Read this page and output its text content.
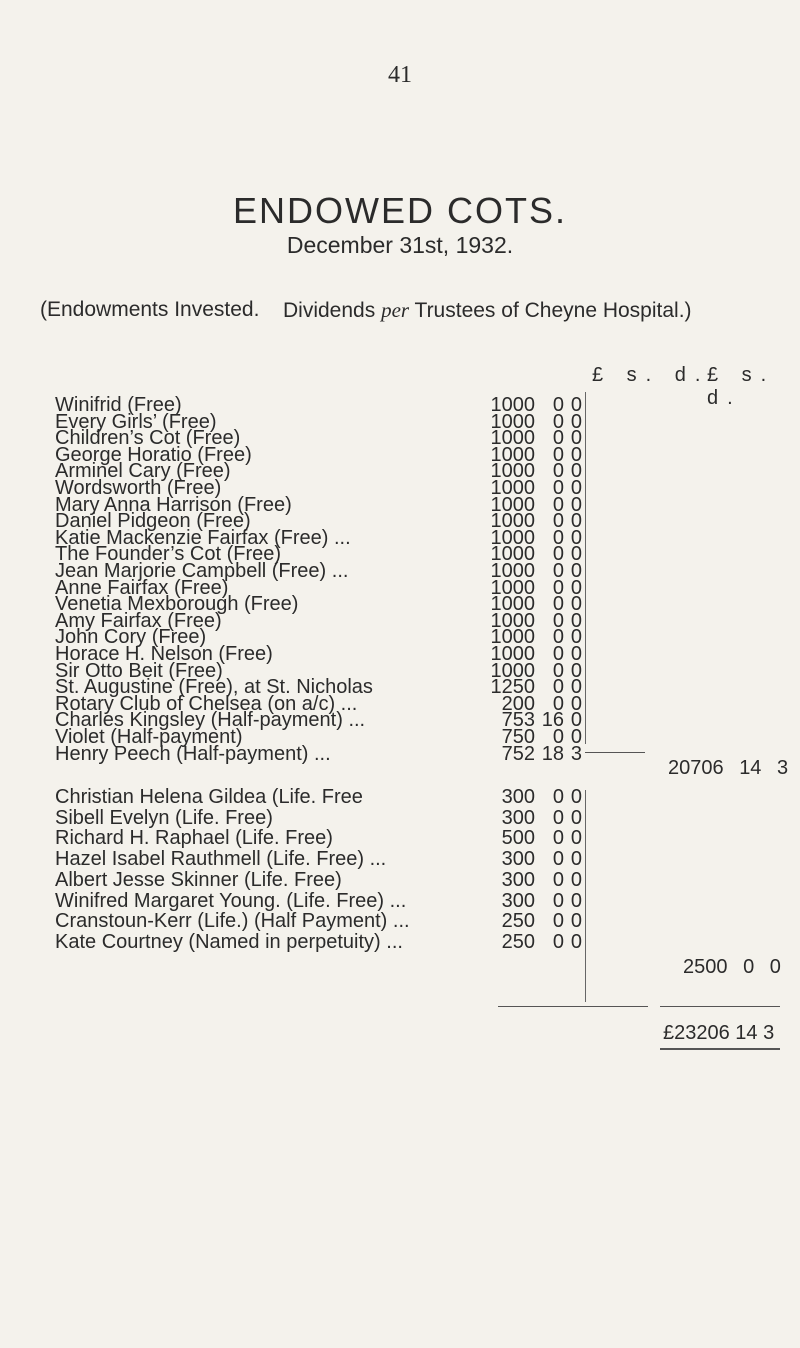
41
ENDOWED COTS.
December 31st, 1932.
(Endowments Invested. Dividends per Trustees of Cheyne Hospital.)
£ s. d.
£ s. d.
Winifrid (Free)	1000 0 0
Every Girls’ (Free)	1000 0 0
Children’s Cot (Free)	1000 0 0
George Horatio (Free)	1000 0 0
Arminel Cary (Free)	1000 0 0
Wordsworth (Free)	1000 0 0
Mary Anna Harrison (Free)	1000 0 0
Daniel Pidgeon (Free)	1000 0 0
Katie Mackenzie Fairfax (Free) ...	1000 0 0
The Founder’s Cot (Free)	1000 0 0
Jean Marjorie Campbell (Free) ...	1000 0 0
Anne Fairfax (Free)	1000 0 0
Venetia Mexborough (Free)	1000 0 0
Amy Fairfax (Free)	1000 0 0
John Cory (Free)	1000 0 0
Horace H. Nelson (Free)	1000 0 0
Sir Otto Beit (Free)	1000 0 0
St. Augustine (Free), at St. Nicholas	1250 0 0
Rotary Club of Chelsea (on a/c) ...	200 0 0
Charles Kingsley (Half-payment) ...	753 16 0
Violet (Half-payment)	750 0 0
Henry Peech (Half-payment) ...	752 18 3
Christian Helena Gildea (Life. Free	300 0 0
Sibell Evelyn (Life. Free)	300 0 0
Richard H. Raphael (Life. Free)	500 0 0
Hazel Isabel Rauthmell (Life. Free) ...	300 0 0
Albert Jesse Skinner (Life. Free)	300 0 0
Winifred Margaret Young. (Life. Free) ...	300 0 0
Cranstoun-Kerr (Life.) (Half Payment) ...	250 0 0
Kate Courtney (Named in perpetuity) ...	250 0 0
20706 14 3
2500 0 0
£23206 14 3
